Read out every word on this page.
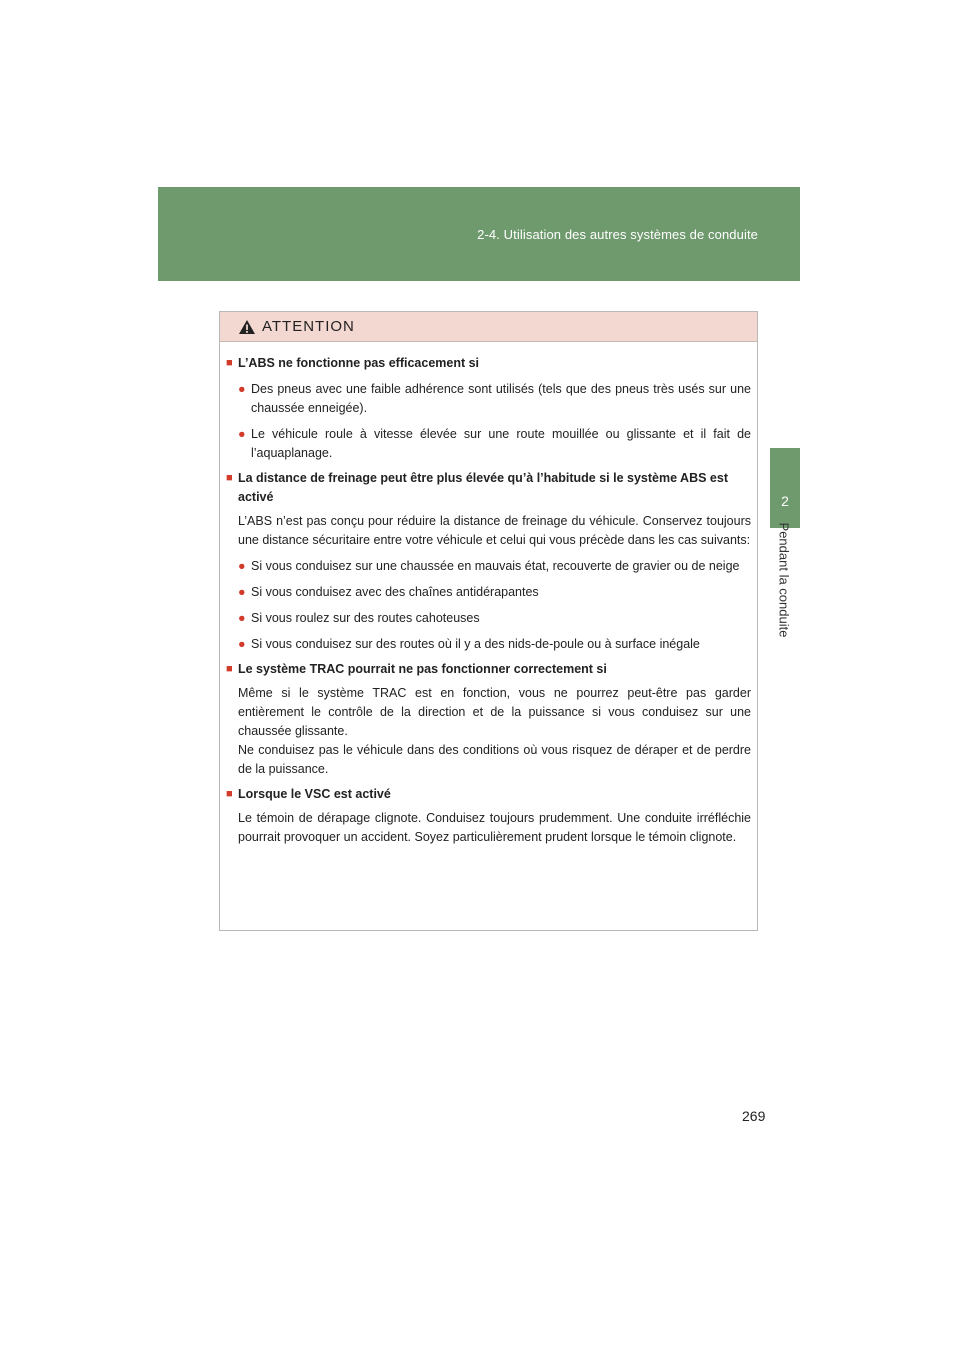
2-4. Utilisation des autres systèmes de conduite
2
Pendant la conduite
ATTENTION
■ L’ABS ne fonctionne pas efficacement si
● Des pneus avec une faible adhérence sont utilisés (tels que des pneus très usés sur une chaussée enneigée).
● Le véhicule roule à vitesse élevée sur une route mouillée ou glissante et il fait de l’aquaplanage.
■ La distance de freinage peut être plus élevée qu’à l’habitude si le système ABS est activé
L’ABS n’est pas conçu pour réduire la distance de freinage du véhicule. Conservez toujours une distance sécuritaire entre votre véhicule et celui qui vous précède dans les cas suivants:
● Si vous conduisez sur une chaussée en mauvais état, recouverte de gravier ou de neige
● Si vous conduisez avec des chaînes antidérapantes
● Si vous roulez sur des routes cahoteuses
● Si vous conduisez sur des routes où il y a des nids-de-poule ou à surface inégale
■ Le système TRAC pourrait ne pas fonctionner correctement si
Même si le système TRAC est en fonction, vous ne pourrez peut-être pas garder entièrement le contrôle de la direction et de la puissance si vous conduisez sur une chaussée glissante.
Ne conduisez pas le véhicule dans des conditions où vous risquez de déraper et de perdre de la puissance.
■ Lorsque le VSC est activé
Le témoin de dérapage clignote. Conduisez toujours prudemment. Une conduite irréfléchie pourrait provoquer un accident. Soyez particulièrement prudent lorsque le témoin clignote.
269
